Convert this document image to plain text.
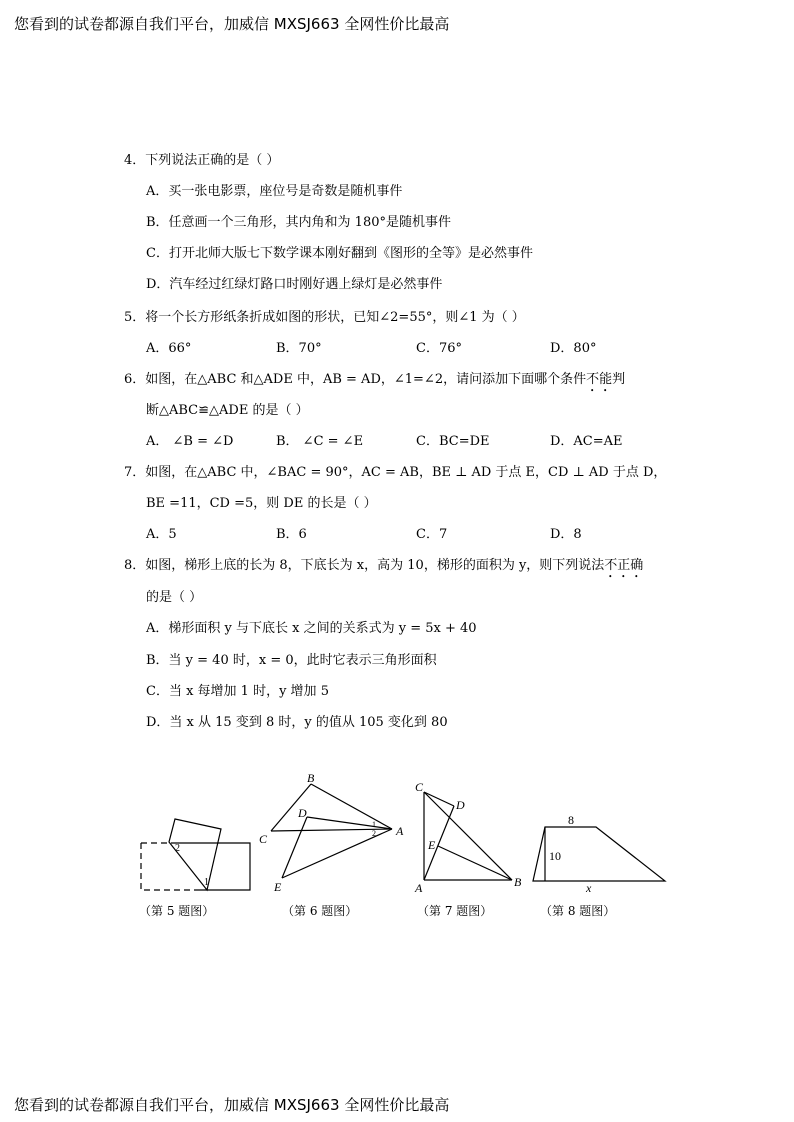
您看到的试卷都源自我们平台，加威信 MXSJ663 全网性价比最高
4．下列说法正确的是（ ）
A．买一张电影票，座位号是奇数是随机事件
B．任意画一个三角形，其内角和为 180°是随机事件
C．打开北师大版七下数学课本刚好翻到《图形的全等》是必然事件
D．汽车经过红绿灯路口时刚好遇上绿灯是必然事件
5．将一个长方形纸条折成如图的形状，已知∠2=55°，则∠1 为（ ）
A．66°	B．70°	C．76°	D．80°
6．如图，在△ABC 和△ADE 中，AB = AD，∠1=∠2，请问添加下面哪个条件不能判
断△ABC≌△ADE 的是（ ）
A． ∠B = ∠D	B． ∠C = ∠E	C．BC=DE	D．AC=AE
7．如图，在△ABC 中，∠BAC = 90°，AC = AB，BE ⊥ AD 于点 E，CD ⊥ AD 于点 D，
BE =11，CD =5，则 DE 的长是（ ）
A．5	B．6	C．7	D．8
8．如图，梯形上底的长为 8，下底长为 x，高为 10，梯形的面积为 y，则下列说法不正确
的是（ ）
A．梯形面积 y 与下底长 x 之间的关系式为 y = 5x + 40
B．当 y = 40 时，x = 0，此时它表示三角形面积
C．当 x 每增加 1 时，y 增加 5
D．当 x 从 15 变到 8 时，y 的值从 105 变化到 80
2
1
B
C
D
E
A
1
2
C
D
E
A	B
8
10
x
（第 5 题图）	（第 6 题图）	（第 7 题图）	（第 8 题图）
您看到的试卷都源自我们平台，加威信 MXSJ663 全网性价比最高
